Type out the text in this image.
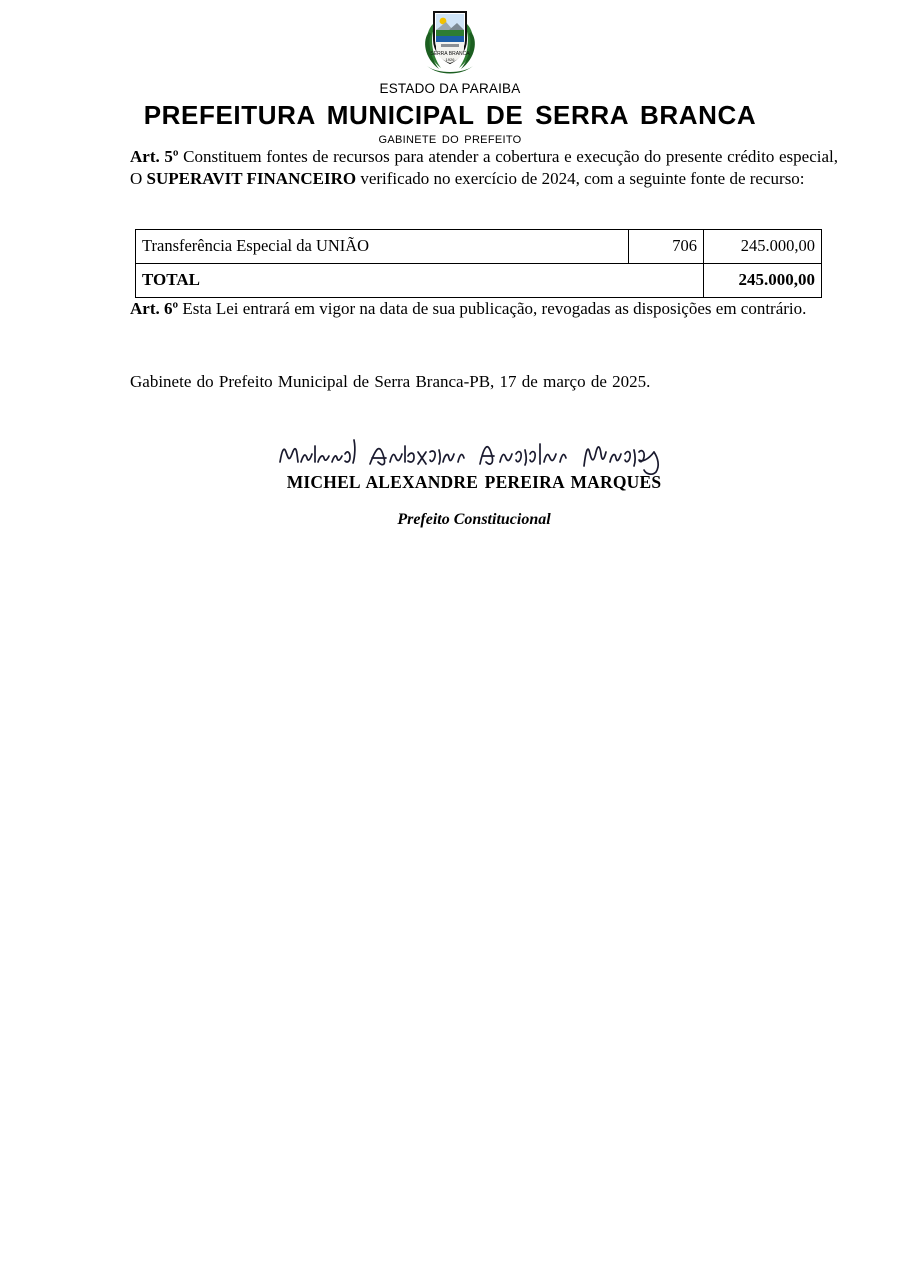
SERRA BRANCA
1926
ESTADO DA PARAIBA
PREFEITURA MUNICIPAL DE SERRA BRANCA
GABINETE DO PREFEITO

Art. 5º Constituem fontes de recursos para atender a cobertura e execução do presente crédito especial, O SUPERAVIT FINANCEIRO verificado no exercício de 2024, com a seguinte fonte de recurso:

Transferência Especial da UNIÃO	706	245.000,00
TOTAL		245.000,00

Art. 6º Esta Lei entrará em vigor na data de sua publicação, revogadas as disposições em contrário.

Gabinete do Prefeito Municipal de Serra Branca-PB, 17 de março de 2025.

MICHEL ALEXANDRE PEREIRA MARQUES
Prefeito Constitucional
